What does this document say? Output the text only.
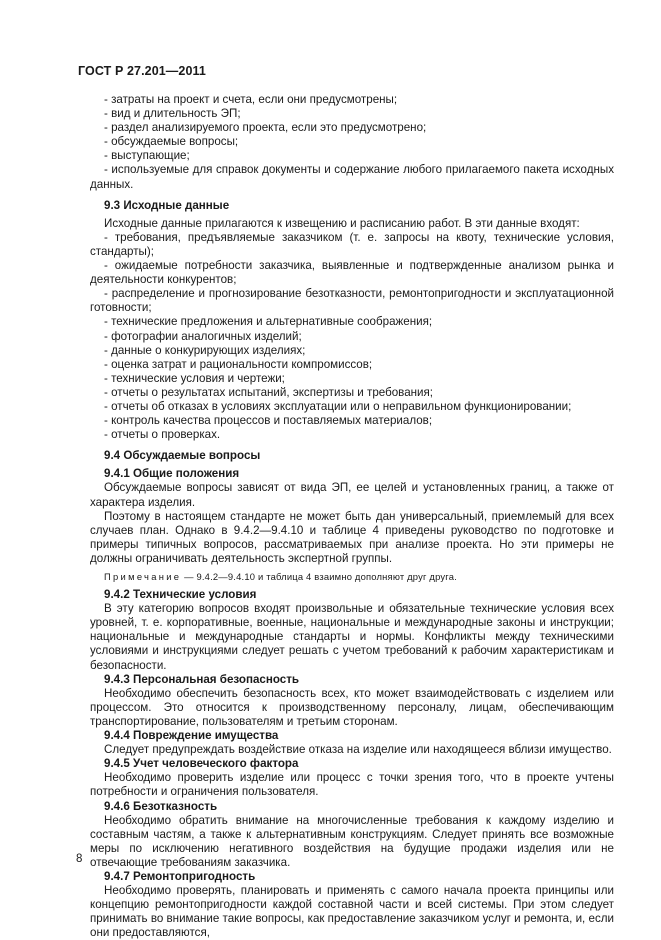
ГОСТ Р 27.201—2011

- затраты на проект и счета, если они предусмотрены;

- вид и длительность ЭП;

- раздел анализируемого проекта, если это предусмотрено;

- обсуждаемые вопросы;

- выступающие;

- используемые для справок документы и содержание любого прилагаемого пакета исходных данных.

9.3 Исходные данные

Исходные данные прилагаются к извещению и расписанию работ. В эти данные входят:

- требования, предъявляемые заказчиком (т. е. запросы на квоту, технические условия, стандарты);

- ожидаемые потребности заказчика, выявленные и подтвержденные анализом рынка и деятельности конкурентов;

- распределение и прогнозирование безотказности, ремонтопригодности и эксплуатационной готовности;

- технические предложения и альтернативные соображения;

- фотографии аналогичных изделий;

- данные о конкурирующих изделиях;

- оценка затрат и рациональности компромиссов;

- технические условия и чертежи;

- отчеты о результатах испытаний, экспертизы и требования;

- отчеты об отказах в условиях эксплуатации или о неправильном функционировании;

- контроль качества процессов и поставляемых материалов;

- отчеты о проверках.

9.4 Обсуждаемые вопросы

9.4.1 Общие положения

Обсуждаемые вопросы зависят от вида ЭП, ее целей и установленных границ, а также от характера изделия.

Поэтому в настоящем стандарте не может быть дан универсальный, приемлемый для всех случаев план. Однако в 9.4.2—9.4.10 и таблице 4 приведены руководство по подготовке и примеры типичных вопросов, рассматриваемых при анализе проекта. Но эти примеры не должны ограничивать деятельность экспертной группы.

Примечание — 9.4.2—9.4.10 и таблица 4 взаимно дополняют друг друга.

9.4.2 Технические условия

В эту категорию вопросов входят произвольные и обязательные технические условия всех уровней, т. е. корпоративные, военные, национальные и международные законы и инструкции; национальные и международные стандарты и нормы. Конфликты между техническими условиями и инструкциями следует решать с учетом требований к рабочим характеристикам и безопасности.

9.4.3 Персональная безопасность

Необходимо обеспечить безопасность всех, кто может взаимодействовать с изделием или процессом. Это относится к производственному персоналу, лицам, обеспечивающим транспортирование, пользователям и третьим сторонам.

9.4.4 Повреждение имущества

Следует предупреждать воздействие отказа на изделие или находящееся вблизи имущество.

9.4.5 Учет человеческого фактора

Необходимо проверить изделие или процесс с точки зрения того, что в проекте учтены потребности и ограничения пользователя.

9.4.6 Безотказность

Необходимо обратить внимание на многочисленные требования к каждому изделию и составным частям, а также к альтернативным конструкциям. Следует принять все возможные меры по исключению негативного воздействия на будущие продажи изделия или не отвечающие требованиям заказчика.

9.4.7 Ремонтопригодность

Необходимо проверять, планировать и применять с самого начала проекта принципы или концепцию ремонтопригодности каждой составной части и всей системы. При этом следует принимать во внимание такие вопросы, как предоставление заказчиком услуг и ремонта, и, если они предоставляются,

8
